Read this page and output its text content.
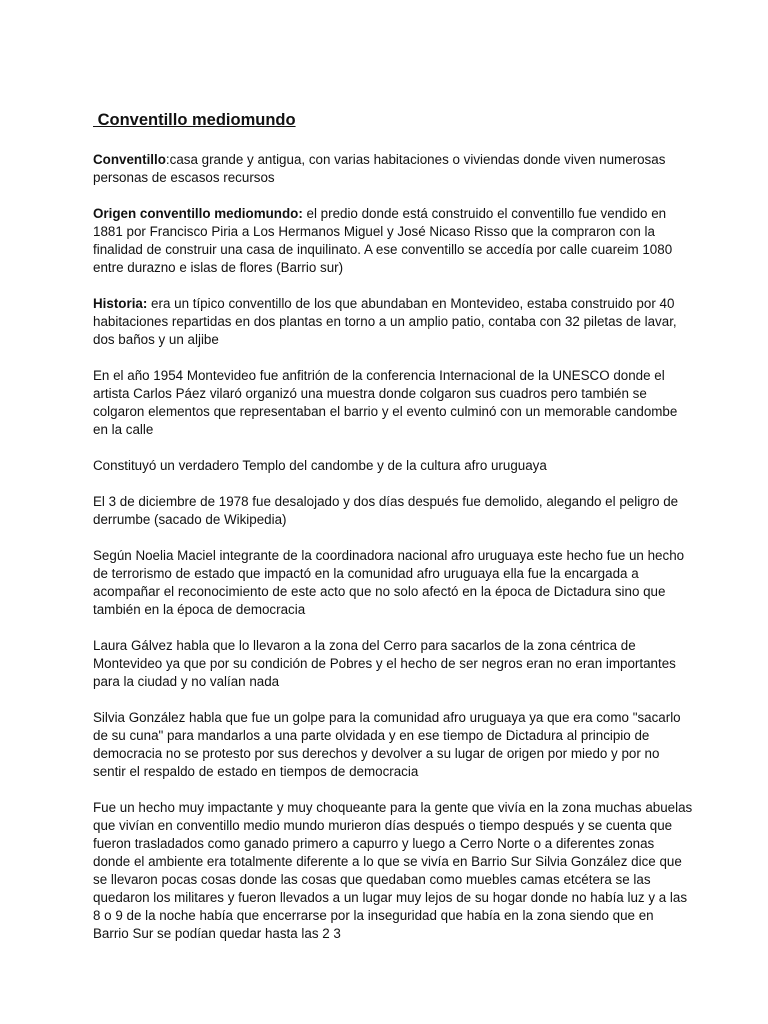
Conventillo mediomundo

Conventillo:casa grande y antigua, con varias habitaciones o viviendas donde viven numerosas personas de escasos recursos

Origen conventillo mediomundo: el predio donde está construido el conventillo fue vendido en 1881 por Francisco Piria a Los Hermanos Miguel y José Nicaso Risso que la compraron con la finalidad de construir una casa de inquilinato. A ese conventillo se accedía por calle cuareim 1080 entre durazno e islas de flores (Barrio sur)

Historia: era un típico conventillo de los que abundaban en Montevideo, estaba construido por 40 habitaciones repartidas en dos plantas en torno a un amplio patio, contaba con 32 piletas de lavar, dos baños y un aljibe

En el año 1954 Montevideo fue anfitrión de la conferencia Internacional de la UNESCO donde el artista Carlos Páez vilaró organizó una muestra donde colgaron sus cuadros pero también se colgaron elementos que representaban el barrio y el evento culminó con un memorable candombe en la calle

Constituyó un verdadero Templo del candombe y de la cultura afro uruguaya

El 3 de diciembre de 1978 fue desalojado y dos días después fue demolido, alegando el peligro de derrumbe (sacado de Wikipedia)

Según Noelia Maciel integrante de la coordinadora nacional afro uruguaya este hecho fue un hecho de terrorismo de estado que impactó en la comunidad afro uruguaya ella fue la encargada a acompañar el reconocimiento de este acto que no solo afectó en la época de Dictadura sino que también en la época de democracia

Laura Gálvez habla que lo llevaron a la zona del Cerro para sacarlos de la zona céntrica de Montevideo ya que por su condición de Pobres y el hecho de ser negros eran no eran importantes para la ciudad y no valían nada

Silvia González habla que fue un golpe para la comunidad afro uruguaya ya que era como "sacarlo de su cuna" para mandarlos a una parte olvidada y en ese tiempo de Dictadura al principio de democracia no se protesto por sus derechos y devolver a su lugar de origen por miedo y por no sentir el respaldo de estado en tiempos de democracia

Fue un hecho muy impactante y muy choqueante para la gente que vivía en la zona muchas abuelas que vivían en conventillo medio mundo murieron días después o tiempo después y se cuenta que fueron trasladados como ganado primero a capurro y luego a Cerro Norte o a diferentes zonas donde el ambiente era totalmente diferente a lo que se vivía en Barrio Sur Silvia González dice que se llevaron pocas cosas donde las cosas que quedaban como muebles camas etcétera se las quedaron los militares y fueron llevados a un lugar muy lejos de su hogar donde no había luz y a las 8 o 9 de la noche había que encerrarse por la inseguridad que había en la zona siendo que en Barrio Sur se podían quedar hasta las 2 3
